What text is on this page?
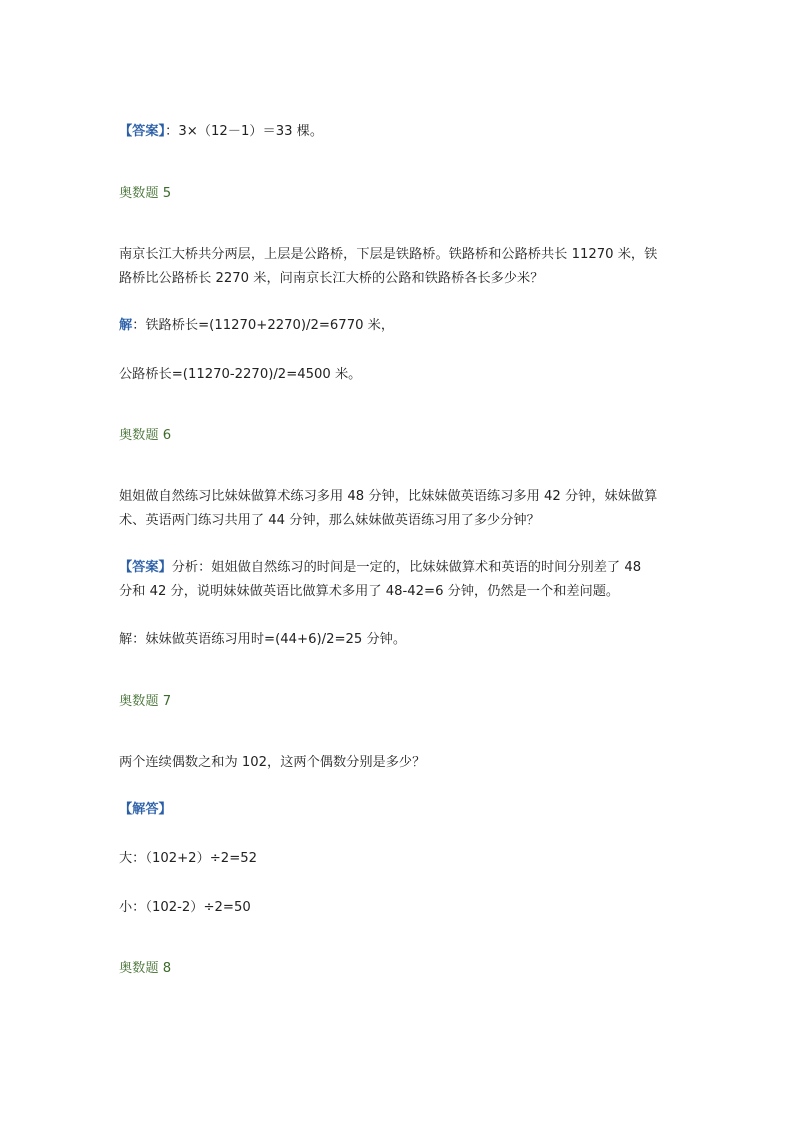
【答案】：3×（12－1）＝33 棵。

奥数题 5

南京长江大桥共分两层，上层是公路桥，下层是铁路桥。铁路桥和公路桥共长 11270 米，铁
路桥比公路桥长 2270 米，问南京长江大桥的公路和铁路桥各长多少米？

解：铁路桥长=(11270+2270)/2=6770 米，

公路桥长=(11270-2270)/2=4500 米。

奥数题 6

姐姐做自然练习比妹妹做算术练习多用 48 分钟，比妹妹做英语练习多用 42 分钟，妹妹做算
术、英语两门练习共用了 44 分钟，那么妹妹做英语练习用了多少分钟？

【答案】分析：姐姐做自然练习的时间是一定的，比妹妹做算术和英语的时间分别差了 48
分和 42 分，说明妹妹做英语比做算术多用了 48-42=6 分钟，仍然是一个和差问题。

解：妹妹做英语练习用时=(44+6)/2=25 分钟。

奥数题 7

两个连续偶数之和为 102，这两个偶数分别是多少？

【解答】

大：（102+2）÷2=52

小：（102-2）÷2=50

奥数题 8
